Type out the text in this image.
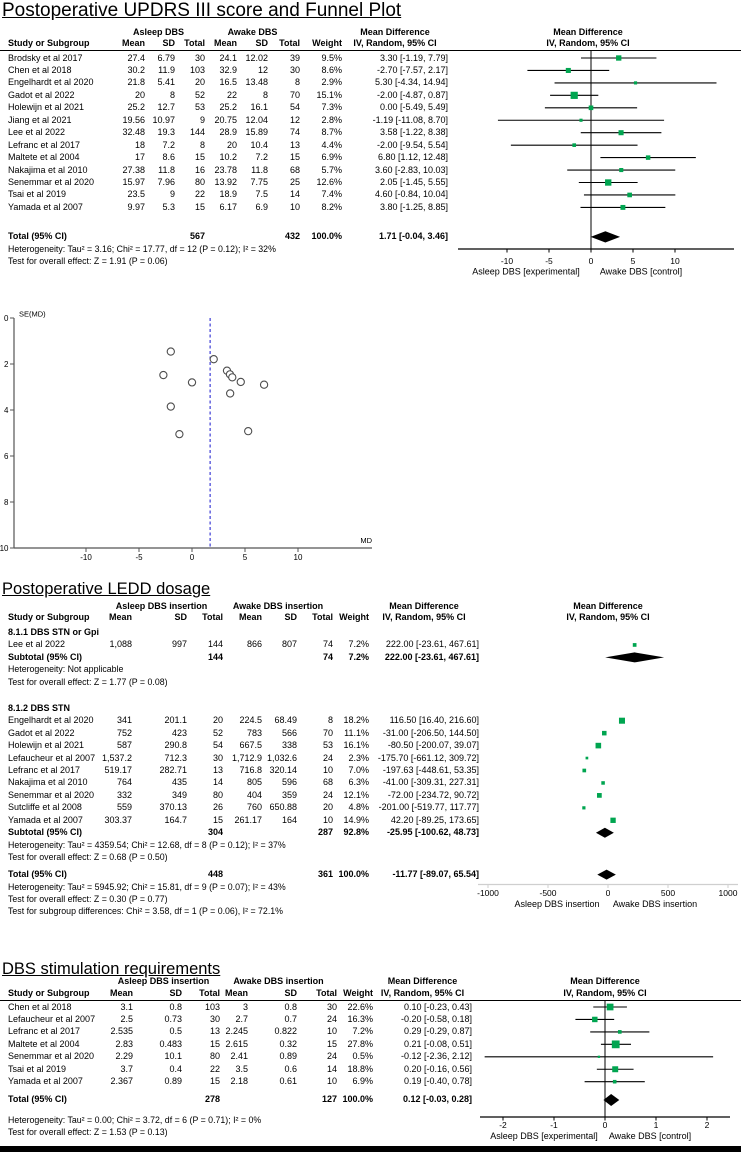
Postoperative UPDRS III score and Funnel Plot
Mean Difference
IV, Random, 95% CI
Postoperative LEDD dosage
Mean Difference
IV, Random, 95% CI
DBS stimulation requirements
Mean Difference
IV, Random, 95% CI
-10	-5	0	5	10
Asleep DBS [experimental] Awake DBS [control]
0
2
4
6
8
10
-10	-5	0	5	10
SE(MD)
MD
-1000	-500	0	500	1000
Asleep DBS insertion Awake DBS insertion
-2	-1	0	1	2
Asleep DBS [experimental] Awake DBS [control]
Asleep DBS	Awake DBS	Mean Difference
Study or Subgroup	Mean	SD	Total Mean	SD	Total	Weight	IV, Random, 95% CI
Brodsky et al 2017	27.4	6.79	30	24.1 12.02	39	9.5%	3.30 [-1.19, 7.79]
Chen et al 2018	30.2	11.9	103	32.9	12	30	8.6%	-2.70 [-7.57, 2.17]
Engelhardt et al 2020	21.8	5.41	20	16.5 13.48	8	2.9%	5.30 [-4.34, 14.94]
Gadot et al 2022	20	8	52	22	8	70	15.1%	-2.00 [-4.87, 0.87]
Holewijn et al 2021	25.2	12.7	53	25.2	16.1	54	7.3%	0.00 [-5.49, 5.49]
Jiang et al 2021	19.56 10.97	9	20.75 12.04	12	2.8%	-1.19 [-11.08, 8.70]
Lee et al 2022	32.48	19.3	144	28.9 15.89	74	8.7%	3.58 [-1.22, 8.38]
Lefranc et al 2017	18	7.2	8	20	10.4	13	4.4%	-2.00 [-9.54, 5.54]
Maltete et al 2004	17	8.6	15	10.2	7.2	15	6.9%	6.80 [1.12, 12.48]
Nakajima et al 2010	27.38	11.8	16	23.78	11.8	68	5.7%	3.60 [-2.83, 10.03]
Senemmar et al 2020	15.97	7.96	80	13.92	7.75	25	12.6%	2.05 [-1.45, 5.55]
Tsai et al 2019	23.5	9	22	18.9	7.5	14	7.4%	4.60 [-0.84, 10.04]
Yamada et al 2007	9.97	5.3	15	6.17	6.9	10	8.2%	3.80 [-1.25, 8.85]
Total (95% CI)	567	432	100.0%	1.71 [-0.04, 3.46]
Heterogeneity: Tau² = 3.16; Chi² = 17.77, df = 12 (P = 0.12); I² = 32%
Test for overall effect: Z = 1.91 (P = 0.06)
Asleep DBS insertion	Awake DBS insertion	Mean Difference
Study or Subgroup	Mean	SD	Total	Mean	SD	Total Weight	IV, Random, 95% CI
8.1.1 DBS STN or Gpi
Lee et al 2022	1,088	997	144	866	807	74	7.2%	222.00 [-23.61, 467.61]
Subtotal (95% CI)	144	74	7.2%	222.00 [-23.61, 467.61]
Heterogeneity: Not applicable
Test for overall effect: Z = 1.77 (P = 0.08)
8.1.2 DBS STN
Engelhardt et al 2020	341	201.1	20	224.5	68.49	8	18.2%	116.50 [16.40, 216.60]
Gadot et al 2022	752	423	52	783	566	70	11.1%	-31.00 [-206.50, 144.50]
Holewijn et al 2021	587	290.8	54	667.5	338	53	16.1%	-80.50 [-200.07, 39.07]
Lefaucheur et al 2007 1,537.2	712.3	30 1,712.9 1,032.6	24	2.3% -175.70 [-661.12, 309.72]
Lefranc et al 2017	519.17	282.71	13	716.8 320.14	10	7.0%	-197.63 [-448.61, 53.35]
Nakajima et al 2010	764	435	14	805	596	68	6.3%	-41.00 [-309.31, 227.31]
Senemmar et al 2020	332	349	80	404	359	24	12.1%	-72.00 [-234.72, 90.72]
Sutcliffe et al 2008	559	370.13	26	760 650.88	20	4.8%	-201.00 [-519.77, 117.77]
Yamada et al 2007	303.37	164.7	15	261.17	164	10	14.9%	42.20 [-89.25, 173.65]
Subtotal (95% CI)	304	287	92.8%	-25.95 [-100.62, 48.73]
Heterogeneity: Tau² = 4359.54; Chi² = 12.68, df = 8 (P = 0.12); I² = 37%
Test for overall effect: Z = 0.68 (P = 0.50)
Total (95% CI)	448	361 100.0%	-11.77 [-89.07, 65.54]
Heterogeneity: Tau² = 5945.92; Chi² = 15.81, df = 9 (P = 0.07); I² = 43%
Test for overall effect: Z = 0.30 (P = 0.77)
Test for subgroup differences: Chi² = 3.58, df = 1 (P = 0.06), I² = 72.1%
Asleep DBS insertion	Awake DBS insertion	Mean Difference
Study or Subgroup	Mean	SD	Total Mean	SD	Total Weight IV, Random, 95% CI
Chen et al 2018	3.1	0.8	103	3	0.8	30	22.6%	0.10 [-0.23, 0.43]
Lefaucheur et al 2007	2.5	0.73	30	2.7	0.7	24	16.3%	-0.20 [-0.58, 0.18]
Lefranc et al 2017	2.535	0.5	13 2.245	0.822	10	7.2%	0.29 [-0.29, 0.87]
Maltete et al 2004	2.83	0.483	15 2.615	0.32	15	27.8%	0.21 [-0.08, 0.51]
Senemmar et al 2020	2.29	10.1	80	2.41	0.89	24	0.5%	-0.12 [-2.36, 2.12]
Tsai et al 2019	3.7	0.4	22	3.5	0.6	14	18.8%	0.20 [-0.16, 0.56]
Yamada et al 2007	2.367	0.89	15	2.18	0.61	10	6.9%	0.19 [-0.40, 0.78]
Total (95% CI)	278	127 100.0%	0.12 [-0.03, 0.28]
Heterogeneity: Tau² = 0.00; Chi² = 3.72, df = 6 (P = 0.71); I² = 0%
Test for overall effect: Z = 1.53 (P = 0.13)
